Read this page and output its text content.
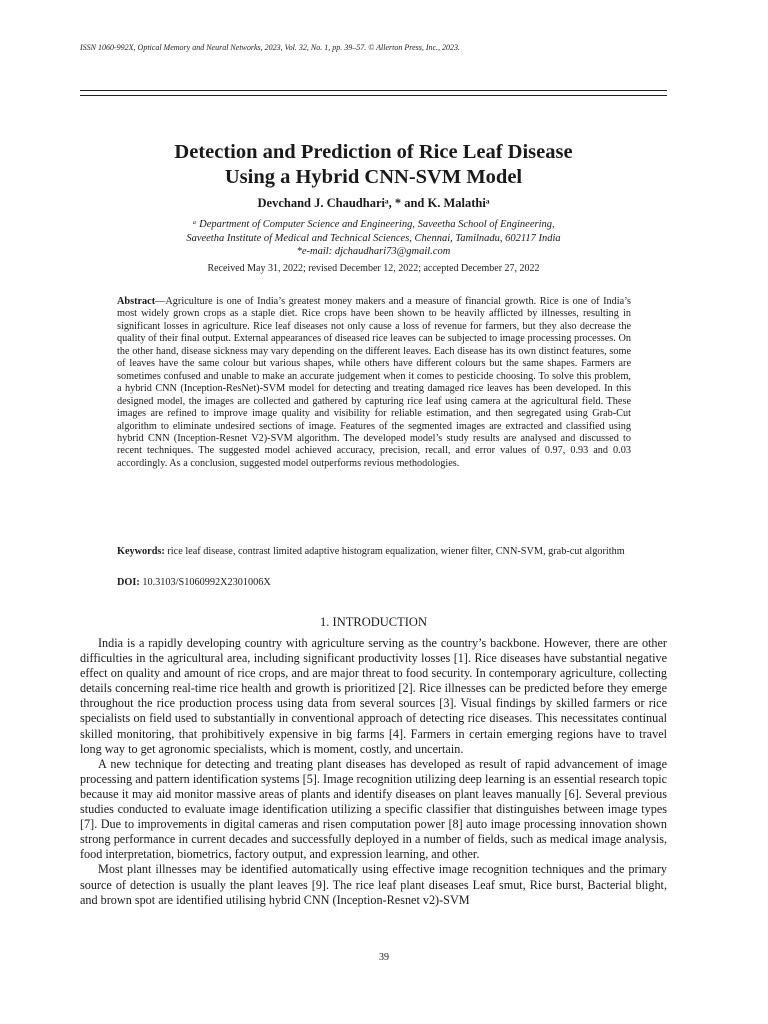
ISSN 1060-992X, Optical Memory and Neural Networks, 2023, Vol. 32, No. 1, pp. 39–57. © Allerton Press, Inc., 2023.
Detection and Prediction of Rice Leaf Disease
Using a Hybrid CNN-SVM Model
Devchand J. Chaudhariᵃ, * and K. Malathiᵃ
ᵃ Department of Computer Science and Engineering, Saveetha School of Engineering,
Saveetha Institute of Medical and Technical Sciences, Chennai, Tamilnadu, 602117 India
*e-mail: djchaudhari73@gmail.com
Received May 31, 2022; revised December 12, 2022; accepted December 27, 2022
Abstract—Agriculture is one of India’s greatest money makers and a measure of financial growth. Rice is one of India’s most widely grown crops as a staple diet. Rice crops have been shown to be heavily afflicted by illnesses, resulting in significant losses in agriculture. Rice leaf diseases not only cause a loss of revenue for farmers, but they also decrease the quality of their final output. External appearances of diseased rice leaves can be subjected to image processing processes. On the other hand, disease sickness may vary depending on the different leaves. Each disease has its own distinct features, some of leaves have the same colour but various shapes, while others have different colours but the same shapes. Farmers are sometimes confused and unable to make an accurate judgement when it comes to pesticide choosing. To solve this problem, a hybrid CNN (Inception-ResNet)-SVM model for detecting and treating damaged rice leaves has been developed. In this designed model, the images are collected and gathered by capturing rice leaf using camera at the agricultural field. These images are refined to improve image quality and visibility for reliable estimation, and then segregated using Grab-Cut algorithm to eliminate undesired sections of image. Features of the segmented images are extracted and classified using hybrid CNN (Inception-Resnet V2)-SVM algorithm. The developed model’s study results are analysed and discussed to recent techniques. The suggested model achieved accuracy, precision, recall, and error values of 0.97, 0.93 and 0.03 accordingly. As a conclusion, suggested model outperforms revious methodologies.
Keywords: rice leaf disease, contrast limited adaptive histogram equalization, wiener filter, CNN-SVM, grab-cut algorithm
DOI: 10.3103/S1060992X2301006X
1. INTRODUCTION

India is a rapidly developing country with agriculture serving as the country’s backbone. However, there are other difficulties in the agricultural area, including significant productivity losses [1]. Rice diseases have substantial negative effect on quality and amount of rice crops, and are major threat to food security. In contemporary agriculture, collecting details concerning real-time rice health and growth is prioritized [2]. Rice illnesses can be predicted before they emerge throughout the rice production process using data from several sources [3]. Visual findings by skilled farmers or rice specialists on field used to substantially in conventional approach of detecting rice diseases. This necessitates continual skilled monitoring, that prohibitively expensive in big farms [4]. Farmers in certain emerging regions have to travel long way to get agronomic specialists, which is moment, costly, and uncertain.

A new technique for detecting and treating plant diseases has developed as result of rapid advancement of image processing and pattern identification systems [5]. Image recognition utilizing deep learning is an essential research topic because it may aid monitor massive areas of plants and identify diseases on plant leaves manually [6]. Several previous studies conducted to evaluate image identification utilizing a specific classifier that distinguishes between image types [7]. Due to improvements in digital cameras and risen computation power [8] auto image processing innovation shown strong performance in current decades and successfully deployed in a number of fields, such as medical image analysis, food interpretation, biometrics, factory output, and expression learning, and other.

Most plant illnesses may be identified automatically using effective image recognition techniques and the primary source of detection is usually the plant leaves [9]. The rice leaf plant diseases Leaf smut, Rice burst, Bacterial blight, and brown spot are identified utilising hybrid CNN (Inception-Resnet v2)-SVM

39
